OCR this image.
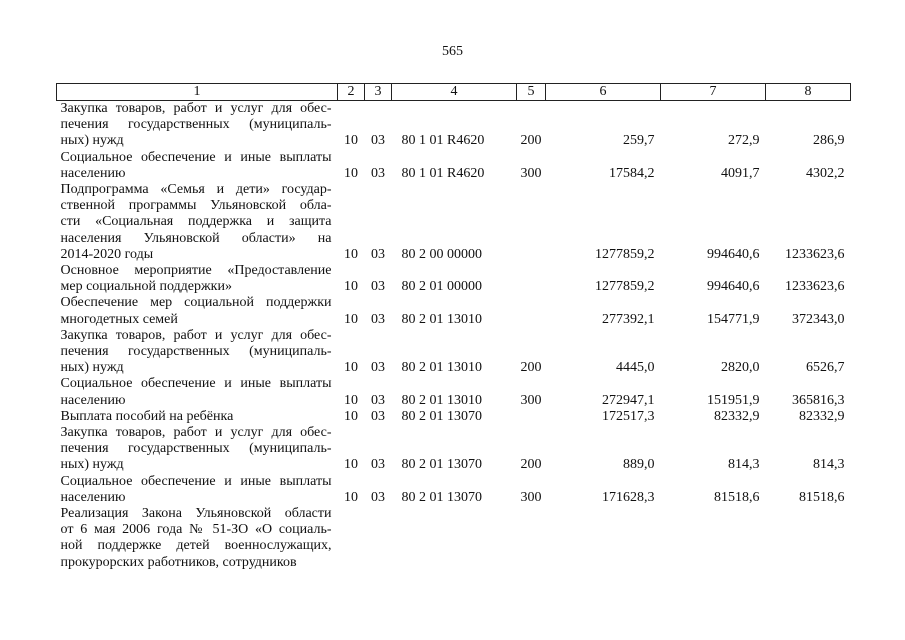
565
1	2	3	4	5	6	7	8

Закупка товаров, работ и услуг для обес-
печения государственных (муниципаль-
ных) нужд	10	03	80 1 01 R4620	200	259,7	272,9	286,9

Социальное обеспечение и иные выплаты
населению	10	03	80 1 01 R4620	300	17584,2	4091,7	4302,2

Подпрограмма «Семья и дети» государ-
ственной программы Ульяновской обла-
сти «Социальная поддержка и защита
населения Ульяновской области» на
2014-2020 годы	10	03	80 2 00 00000		1277859,2	994640,6	1233623,6

Основное мероприятие «Предоставление
мер социальной поддержки»	10	03	80 2 01 00000		1277859,2	994640,6	1233623,6

Обеспечение мер социальной поддержки
многодетных семей	10	03	80 2 01 13010		277392,1	154771,9	372343,0

Закупка товаров, работ и услуг для обес-
печения государственных (муниципаль-
ных) нужд	10	03	80 2 01 13010	200	4445,0	2820,0	6526,7

Социальное обеспечение и иные выплаты
населению	10	03	80 2 01 13010	300	272947,1	151951,9	365816,3

Выплата пособий на ребёнка	10	03	80 2 01 13070		172517,3	82332,9	82332,9

Закупка товаров, работ и услуг для обес-
печения государственных (муниципаль-
ных) нужд	10	03	80 2 01 13070	200	889,0	814,3	814,3

Социальное обеспечение и иные выплаты
населению	10	03	80 2 01 13070	300	171628,3	81518,6	81518,6

Реализация Закона Ульяновской области
от 6 мая 2006 года № 51-ЗО «О социаль-
ной поддержке детей военнослужащих,
прокурорских работников, сотрудников							
